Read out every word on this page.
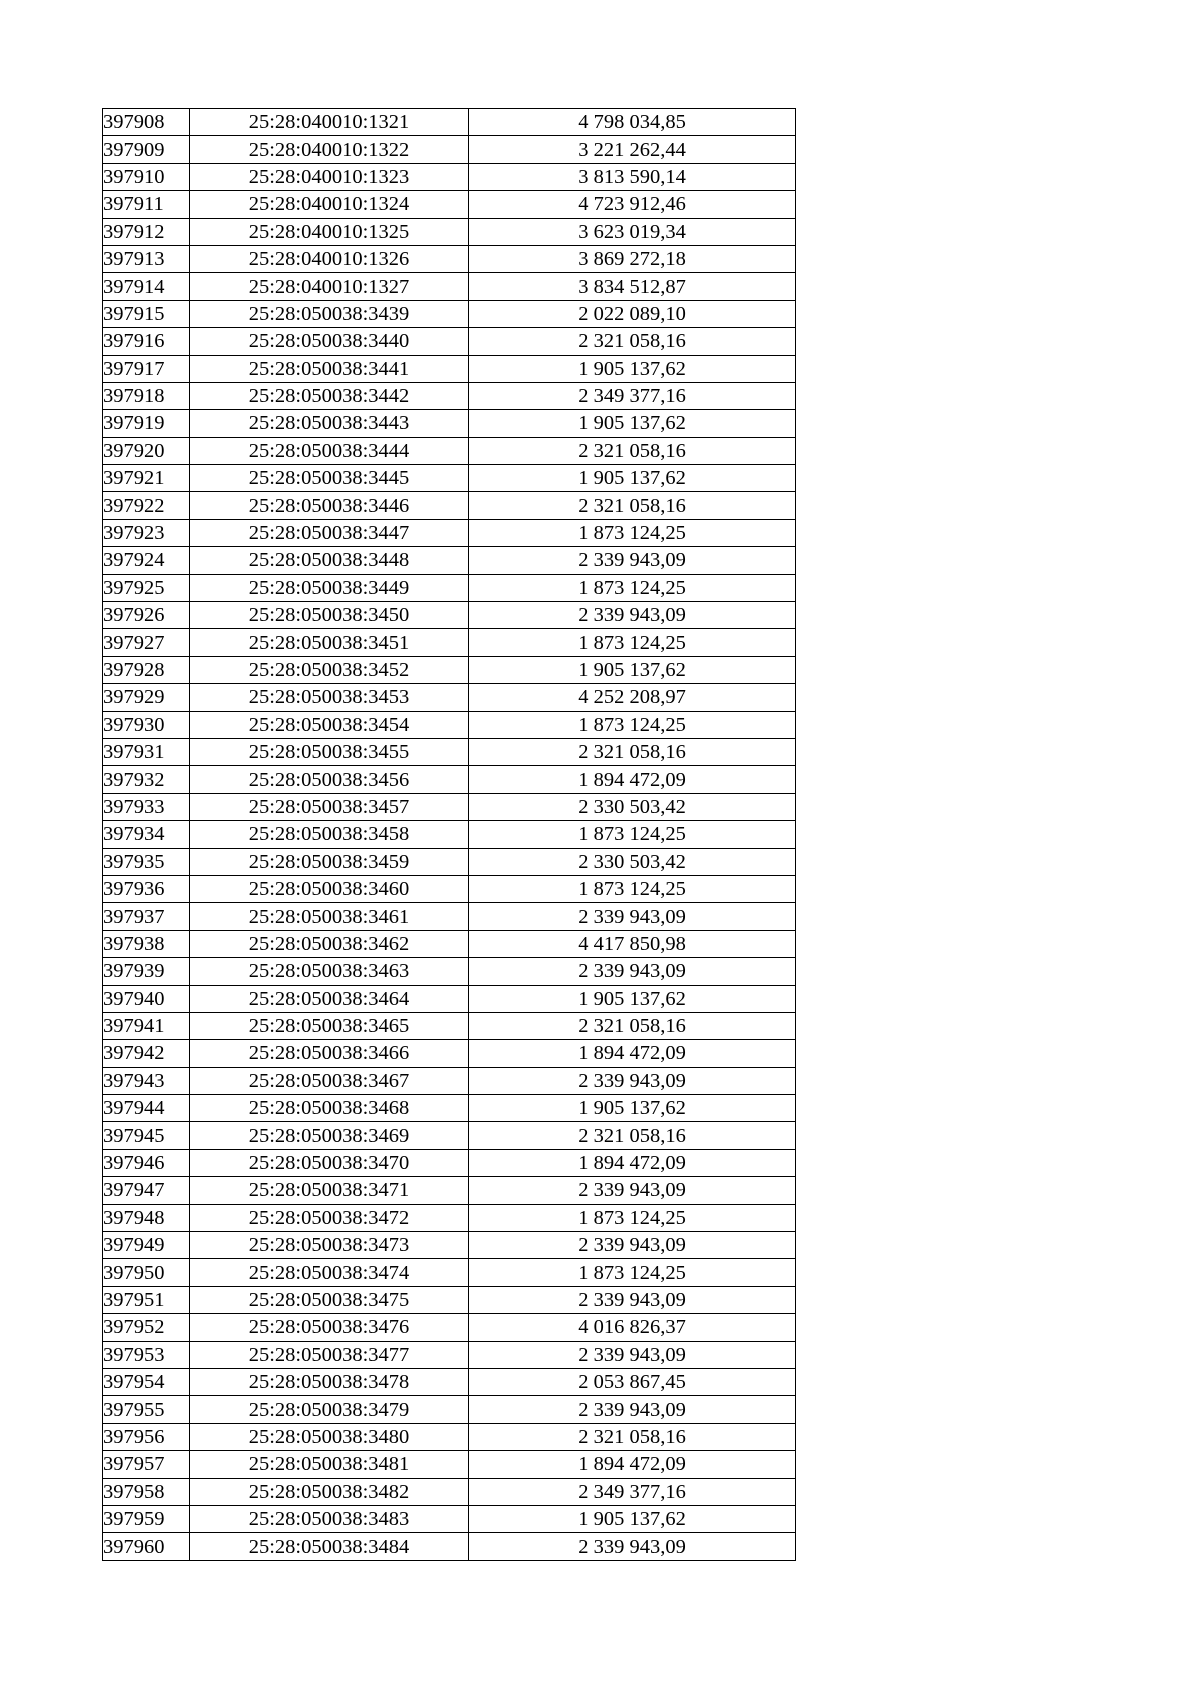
397908	25:28:040010:1321	4 798 034,85
397909	25:28:040010:1322	3 221 262,44
397910	25:28:040010:1323	3 813 590,14
397911	25:28:040010:1324	4 723 912,46
397912	25:28:040010:1325	3 623 019,34
397913	25:28:040010:1326	3 869 272,18
397914	25:28:040010:1327	3 834 512,87
397915	25:28:050038:3439	2 022 089,10
397916	25:28:050038:3440	2 321 058,16
397917	25:28:050038:3441	1 905 137,62
397918	25:28:050038:3442	2 349 377,16
397919	25:28:050038:3443	1 905 137,62
397920	25:28:050038:3444	2 321 058,16
397921	25:28:050038:3445	1 905 137,62
397922	25:28:050038:3446	2 321 058,16
397923	25:28:050038:3447	1 873 124,25
397924	25:28:050038:3448	2 339 943,09
397925	25:28:050038:3449	1 873 124,25
397926	25:28:050038:3450	2 339 943,09
397927	25:28:050038:3451	1 873 124,25
397928	25:28:050038:3452	1 905 137,62
397929	25:28:050038:3453	4 252 208,97
397930	25:28:050038:3454	1 873 124,25
397931	25:28:050038:3455	2 321 058,16
397932	25:28:050038:3456	1 894 472,09
397933	25:28:050038:3457	2 330 503,42
397934	25:28:050038:3458	1 873 124,25
397935	25:28:050038:3459	2 330 503,42
397936	25:28:050038:3460	1 873 124,25
397937	25:28:050038:3461	2 339 943,09
397938	25:28:050038:3462	4 417 850,98
397939	25:28:050038:3463	2 339 943,09
397940	25:28:050038:3464	1 905 137,62
397941	25:28:050038:3465	2 321 058,16
397942	25:28:050038:3466	1 894 472,09
397943	25:28:050038:3467	2 339 943,09
397944	25:28:050038:3468	1 905 137,62
397945	25:28:050038:3469	2 321 058,16
397946	25:28:050038:3470	1 894 472,09
397947	25:28:050038:3471	2 339 943,09
397948	25:28:050038:3472	1 873 124,25
397949	25:28:050038:3473	2 339 943,09
397950	25:28:050038:3474	1 873 124,25
397951	25:28:050038:3475	2 339 943,09
397952	25:28:050038:3476	4 016 826,37
397953	25:28:050038:3477	2 339 943,09
397954	25:28:050038:3478	2 053 867,45
397955	25:28:050038:3479	2 339 943,09
397956	25:28:050038:3480	2 321 058,16
397957	25:28:050038:3481	1 894 472,09
397958	25:28:050038:3482	2 349 377,16
397959	25:28:050038:3483	1 905 137,62
397960	25:28:050038:3484	2 339 943,09
